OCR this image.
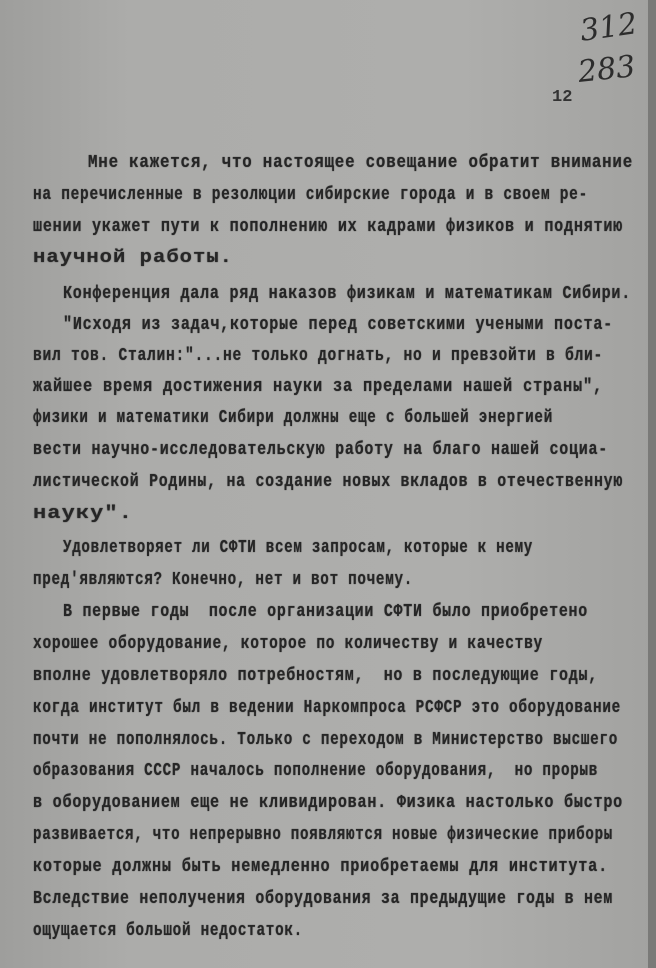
312
283
12
Мне кажется, что настоящее совещание обратит внимание
на перечисленные в резолюции сибирские города и в своем ре-
шении укажет пути к пополнению их кадрами физиков и поднятию
научной работы.
Конференция дала ряд наказов физикам и математикам Сибири.
"Исходя из задач,которые перед советскими учеными поста-
вил тов. Сталин:"...не только догнать, но и превзойти в бли-
жайшее время достижения науки за пределами нашей страны",
физики и математики Сибири должны еще с большей энергией
вести научно-исследовательскую работу на благо нашей социа-
листической Родины, на создание новых вкладов в отечественную
науку".
Удовлетворяет ли СФТИ всем запросам, которые к нему
пред'являются? Конечно, нет и вот почему.
В первые годы  после организации СФТИ было приобретено
хорошее оборудование, которое по количеству и качеству
вполне удовлетворяло потребностям,  но в последующие годы,
когда институт был в ведении Наркомпроса РСФСР это оборудование
почти не пополнялось. Только с переходом в Министерство высшего
образования СССР началось пополнение оборудования,  но прорыв
в оборудованием еще не кливидирован. Физика настолько быстро
развивается, что непрерывно появляются новые физические приборы
которые должны быть немедленно приобретаемы для института.
Вследствие неполучения оборудования за предыдущие годы в нем
ощущается большой недостаток.
